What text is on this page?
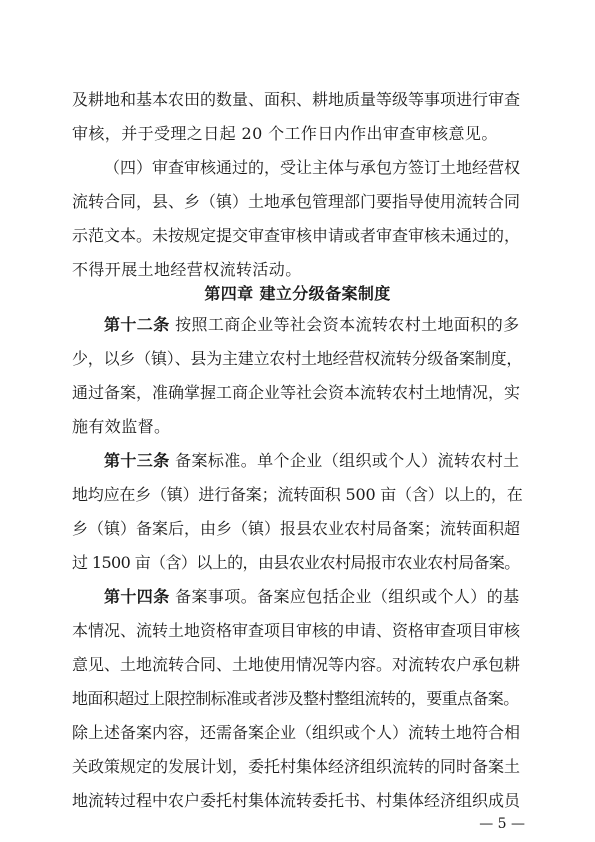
及耕地和基本农田的数量、面积、耕地质量等级等事项进行审查
审核，并于受理之日起 20 个工作日内作出审查审核意见。
（四）审查审核通过的，受让主体与承包方签订土地经营权
流转合同，县、乡（镇）土地承包管理部门要指导使用流转合同
示范文本。未按规定提交审查审核申请或者审查审核未通过的，
不得开展土地经营权流转活动。
第四章 建立分级备案制度
第十二条 按照工商企业等社会资本流转农村土地面积的多
少，以乡（镇）、县为主建立农村土地经营权流转分级备案制度，
通过备案，准确掌握工商企业等社会资本流转农村土地情况，实
施有效监督。
第十三条 备案标准。单个企业（组织或个人）流转农村土
地均应在乡（镇）进行备案；流转面积 500 亩（含）以上的，在
乡（镇）备案后，由乡（镇）报县农业农村局备案；流转面积超
过 1500 亩（含）以上的，由县农业农村局报市农业农村局备案。
第十四条 备案事项。备案应包括企业（组织或个人）的基
本情况、流转土地资格审查项目审核的申请、资格审查项目审核
意见、土地流转合同、土地使用情况等内容。对流转农户承包耕
地面积超过上限控制标准或者涉及整村整组流转的，要重点备案。
除上述备案内容，还需备案企业（组织或个人）流转土地符合相
关政策规定的发展计划，委托村集体经济组织流转的同时备案土
地流转过程中农户委托村集体流转委托书、村集体经济组织成员
— 5 —
